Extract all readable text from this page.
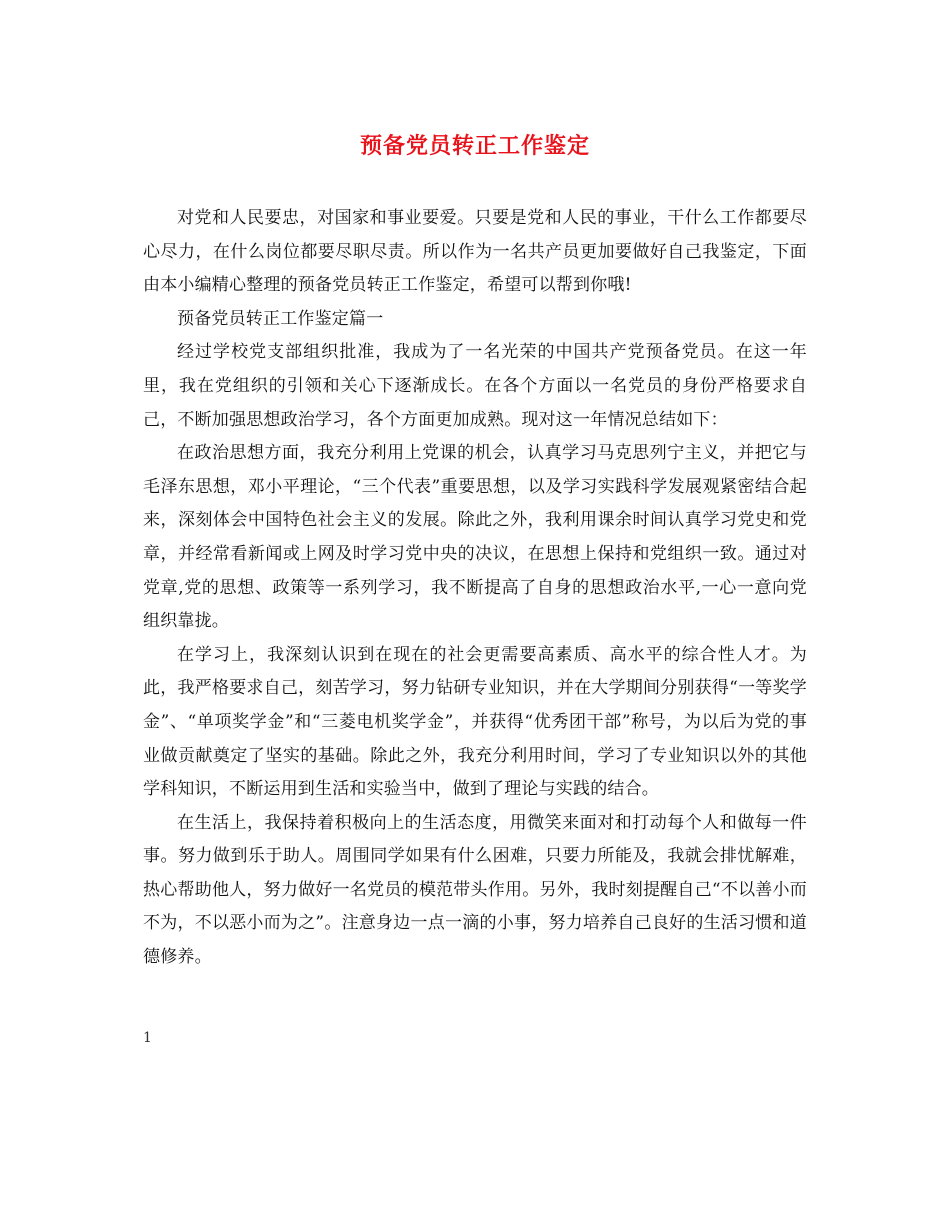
预备党员转正工作鉴定

对党和人民要忠，对国家和事业要爱。只要是党和人民的事业，干什么工作都要尽心尽力，在什么岗位都要尽职尽责。所以作为一名共产员更加要做好自己我鉴定，下面由本小编精心整理的预备党员转正工作鉴定，希望可以帮到你哦!

预备党员转正工作鉴定篇一

经过学校党支部组织批准，我成为了一名光荣的中国共产党预备党员。在这一年里，我在党组织的引领和关心下逐渐成长。在各个方面以一名党员的身份严格要求自己，不断加强思想政治学习，各个方面更加成熟。现对这一年情况总结如下：

在政治思想方面，我充分利用上党课的机会，认真学习马克思列宁主义，并把它与毛泽东思想，邓小平理论，“三个代表”重要思想，以及学习实践科学发展观紧密结合起来，深刻体会中国特色社会主义的发展。除此之外，我利用课余时间认真学习党史和党章，并经常看新闻或上网及时学习党中央的决议，在思想上保持和党组织一致。通过对党章,党的思想、政策等一系列学习，我不断提高了自身的思想政治水平,一心一意向党组织靠拢。

在学习上，我深刻认识到在现在的社会更需要高素质、高水平的综合性人才。为此，我严格要求自己，刻苦学习，努力钻研专业知识，并在大学期间分别获得“一等奖学金”、“单项奖学金”和“三菱电机奖学金”，并获得“优秀团干部”称号，为以后为党的事业做贡献奠定了坚实的基础。除此之外，我充分利用时间，学习了专业知识以外的其他学科知识，不断运用到生活和实验当中，做到了理论与实践的结合。

在生活上，我保持着积极向上的生活态度，用微笑来面对和打动每个人和做每一件事。努力做到乐于助人。周围同学如果有什么困难，只要力所能及，我就会排忧解难，热心帮助他人，努力做好一名党员的模范带头作用。另外，我时刻提醒自己“不以善小而不为，不以恶小而为之”。注意身边一点一滴的小事，努力培养自己良好的生活习惯和道德修养。

1
